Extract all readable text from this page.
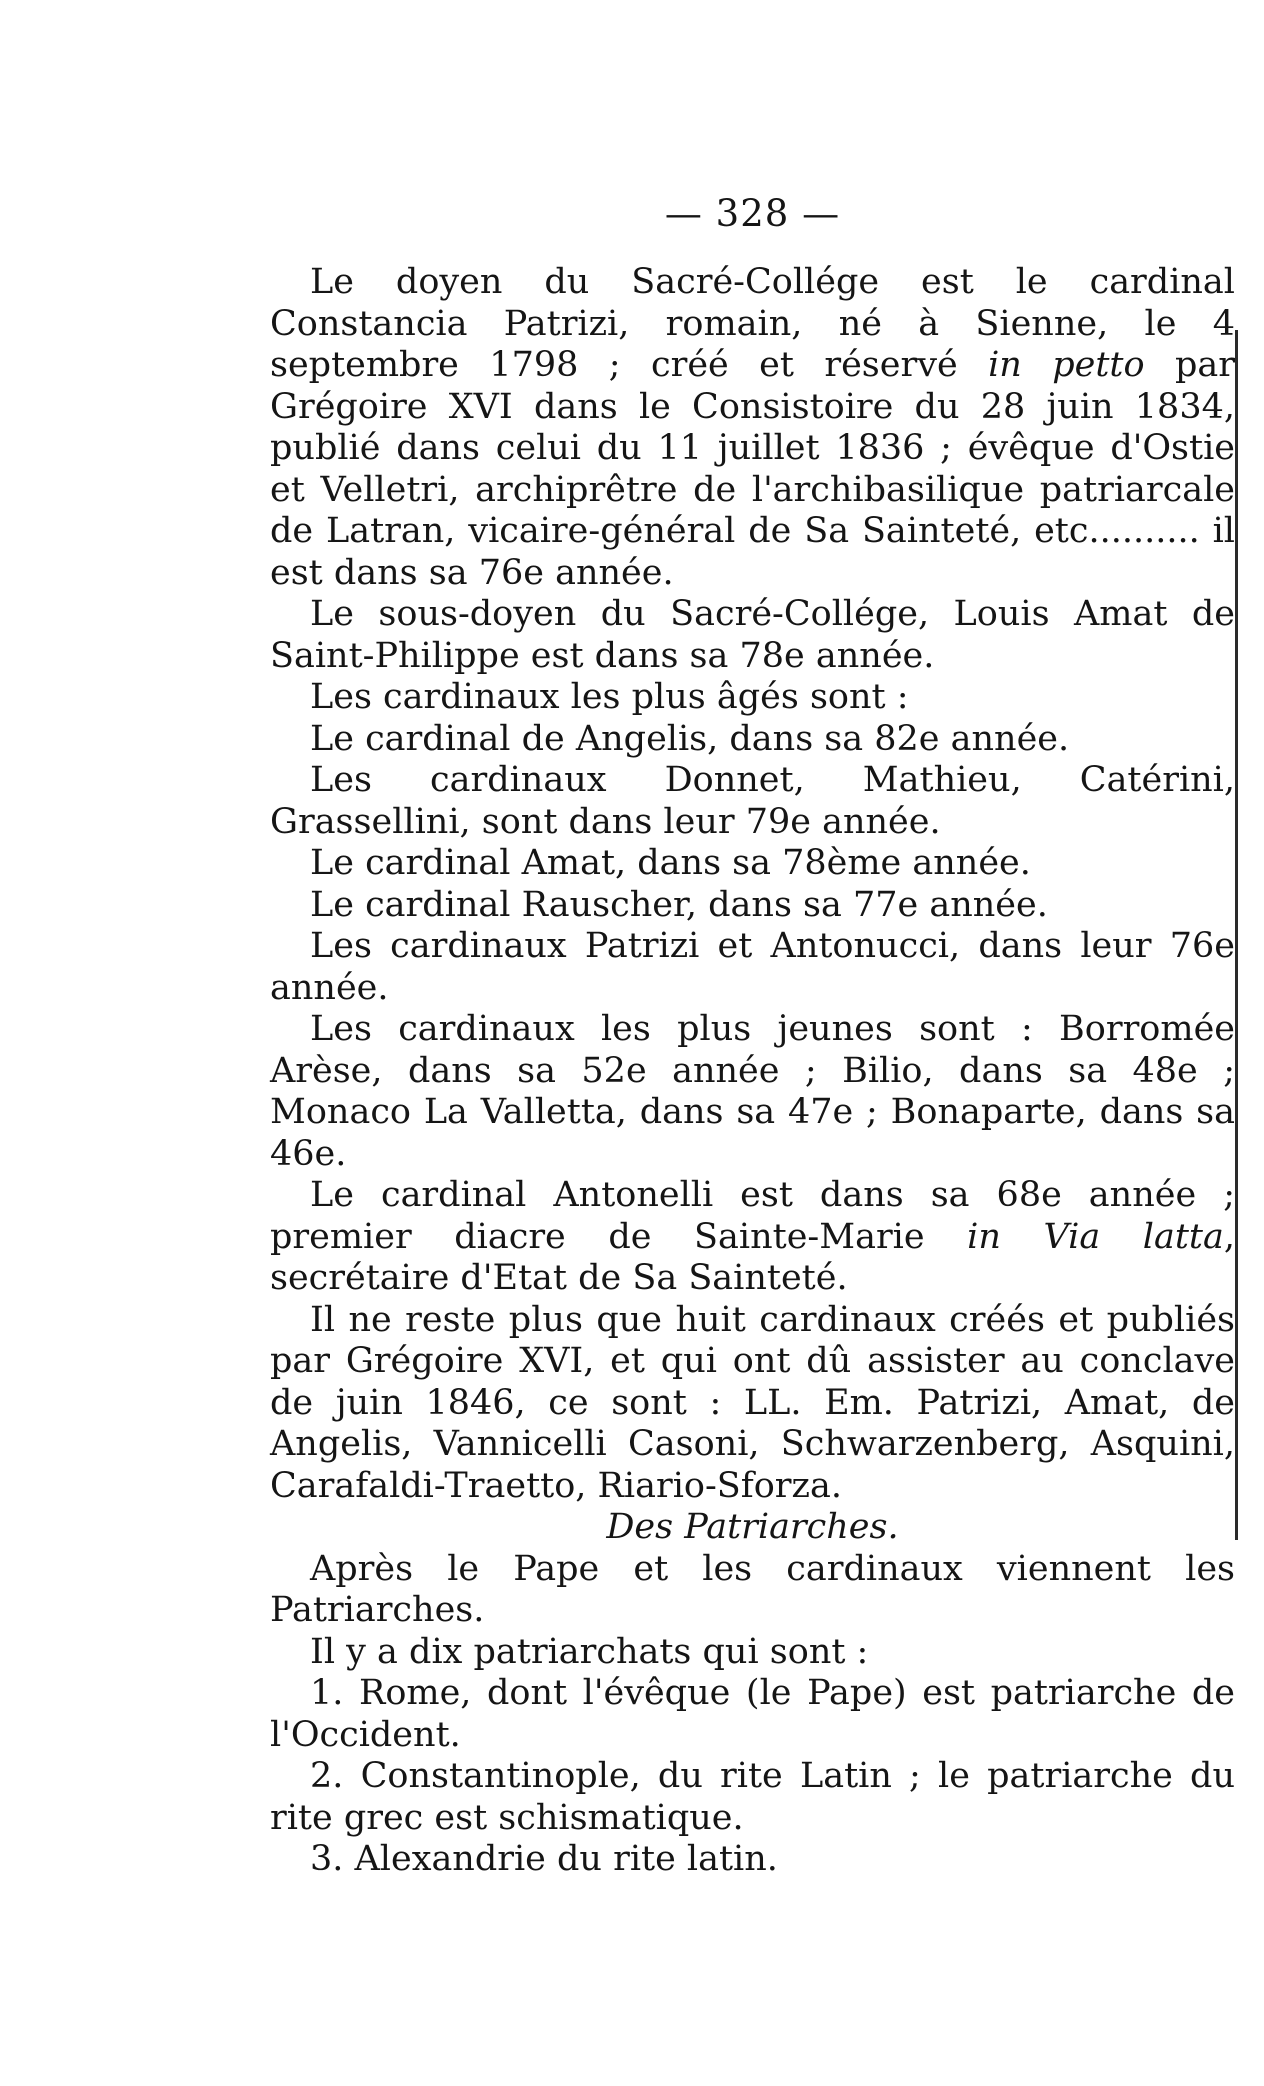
— 328 —

Le doyen du Sacré-Collége est le cardinal Constancia Patrizi, romain, né à Sienne, le 4 septembre 1798 ; créé et réservé in petto par Grégoire XVI dans le Consistoire du 28 juin 1834, publié dans celui du 11 juillet 1836 ; évêque d'Ostie et Velletri, archiprêtre de l'archibasilique patriarcale de Latran, vicaire-général de Sa Sainteté, etc.......... il est dans sa 76e année.

Le sous-doyen du Sacré-Collége, Louis Amat de Saint-Philippe est dans sa 78e année.

Les cardinaux les plus âgés sont :

Le cardinal de Angelis, dans sa 82e année.

Les cardinaux Donnet, Mathieu, Catérini, Grassellini, sont dans leur 79e année.

Le cardinal Amat, dans sa 78ème année.

Le cardinal Rauscher, dans sa 77e année.

Les cardinaux Patrizi et Antonucci, dans leur 76e année.

Les cardinaux les plus jeunes sont : Borromée Arèse, dans sa 52e année ; Bilio, dans sa 48e ; Monaco La Valletta, dans sa 47e ; Bonaparte, dans sa 46e.

Le cardinal Antonelli est dans sa 68e année ; premier diacre de Sainte-Marie in Via latta, secrétaire d'Etat de Sa Sainteté.

Il ne reste plus que huit cardinaux créés et publiés par Grégoire XVI, et qui ont dû assister au conclave de juin 1846, ce sont : LL. Em. Patrizi, Amat, de Angelis, Vannicelli Casoni, Schwarzenberg, Asquini, Carafaldi-Traetto, Riario-Sforza.

Des Patriarches.

Après le Pape et les cardinaux viennent les Patriarches.

Il y a dix patriarchats qui sont :

1. Rome, dont l'évêque (le Pape) est patriarche de l'Occident.

2. Constantinople, du rite Latin ; le patriarche du rite grec est schismatique.

3. Alexandrie du rite latin.
